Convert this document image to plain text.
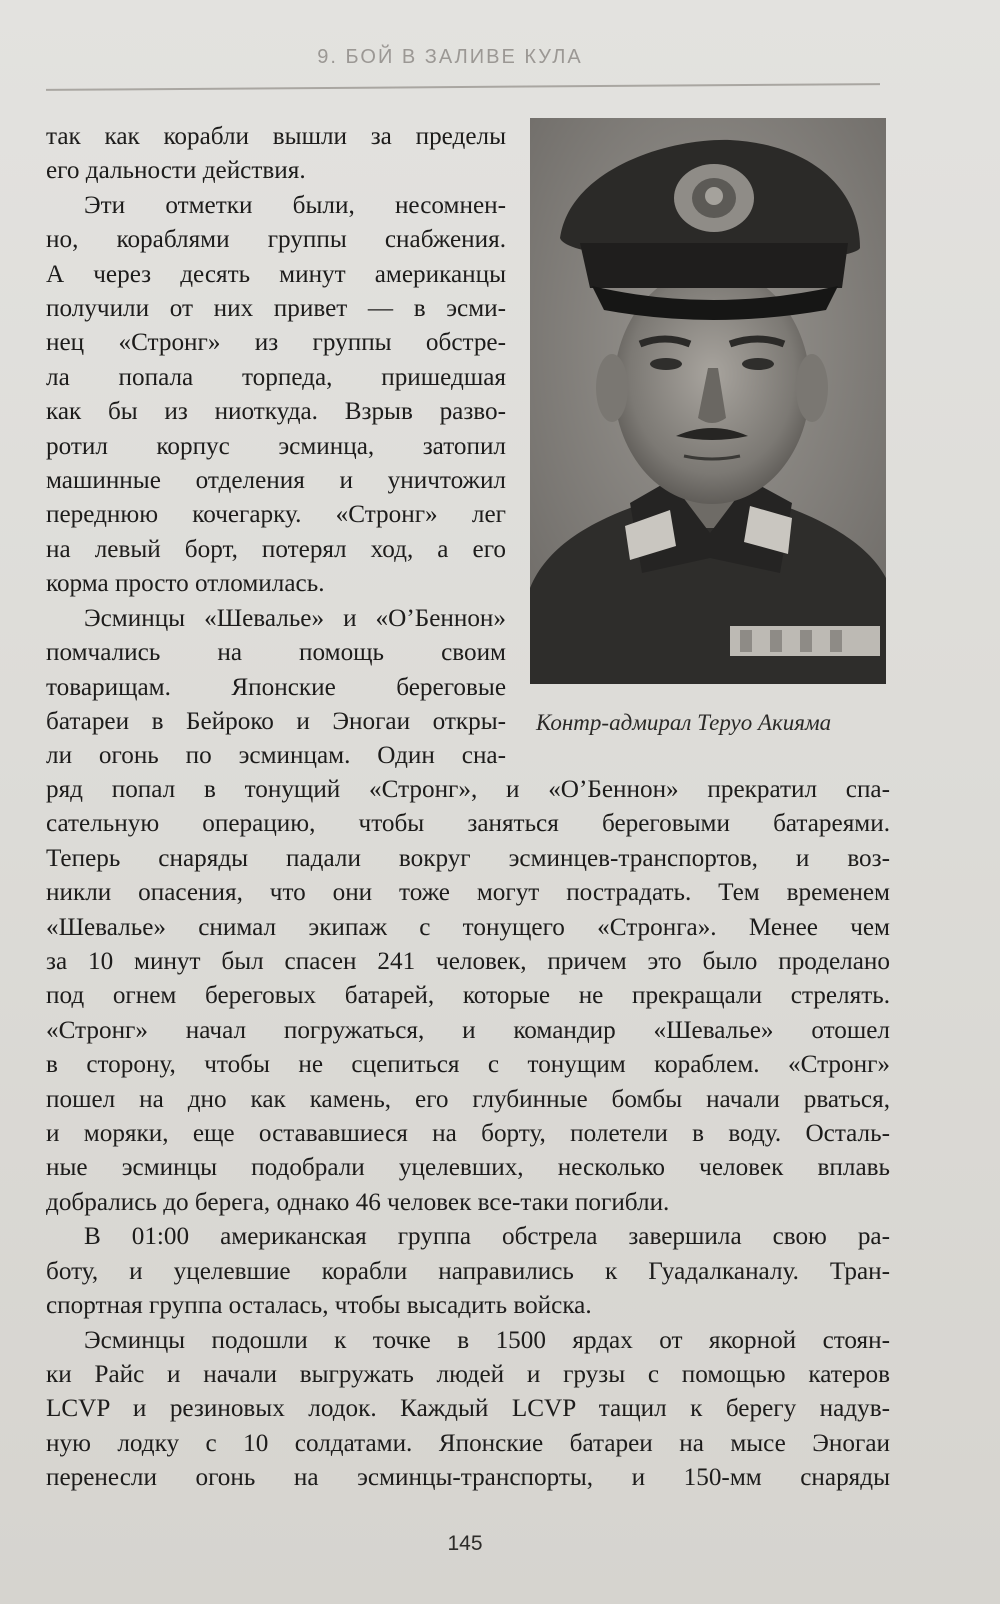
9. БОЙ В ЗАЛИВЕ КУЛА
Контр-адмирал Теруо Акияма
так как корабли вышли за пределы
его дальности действия.
Эти отметки были, несомнен-
но, кораблями группы снабжения.
А через десять минут американцы
получили от них привет — в эсми-
нец «Стронг» из группы обстре-
ла попала торпеда, пришедшая
как бы из ниоткуда. Взрыв разво-
ротил корпус эсминца, затопил
машинные отделения и уничтожил
переднюю кочегарку. «Стронг» лег
на левый борт, потерял ход, а его
корма просто отломилась.
Эсминцы «Шевалье» и «О’Беннон»
помчались на помощь своим
товарищам. Японские береговые
батареи в Бейроко и Эногаи откры-
ли огонь по эсминцам. Один сна-
ряд попал в тонущий «Стронг», и «О’Беннон» прекратил спа-
сательную операцию, чтобы заняться береговыми батареями.
Теперь снаряды падали вокруг эсминцев-транспортов, и воз-
никли опасения, что они тоже могут пострадать. Тем временем
«Шевалье» снимал экипаж с тонущего «Стронга». Менее чем
за 10 минут был спасен 241 человек, причем это было проделано
под огнем береговых батарей, которые не прекращали стрелять.
«Стронг» начал погружаться, и командир «Шевалье» отошел
в сторону, чтобы не сцепиться с тонущим кораблем. «Стронг»
пошел на дно как камень, его глубинные бомбы начали рваться,
и моряки, еще остававшиеся на борту, полетели в воду. Осталь-
ные эсминцы подобрали уцелевших, несколько человек вплавь
добрались до берега, однако 46 человек все-таки погибли.
В 01:00 американская группа обстрела завершила свою ра-
боту, и уцелевшие корабли направились к Гуадалканалу. Тран-
спортная группа осталась, чтобы высадить войска.
Эсминцы подошли к точке в 1500 ярдах от якорной стоян-
ки Райс и начали выгружать людей и грузы с помощью катеров
LCVP и резиновых лодок. Каждый LCVP тащил к берегу надув-
ную лодку с 10 солдатами. Японские батареи на мысе Эногаи
перенесли огонь на эсминцы-транспорты, и 150-мм снаряды
145
